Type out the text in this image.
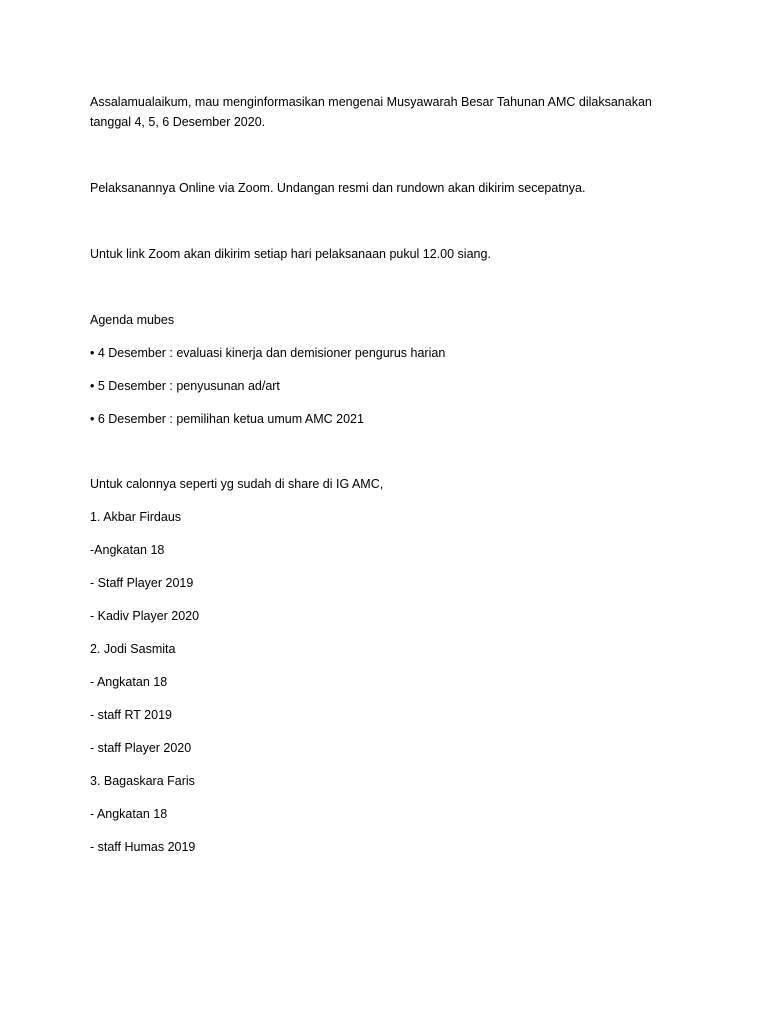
Assalamualaikum, mau menginformasikan mengenai Musyawarah Besar Tahunan AMC dilaksanakan tanggal 4, 5, 6 Desember 2020.

Pelaksanannya Online via Zoom. Undangan resmi dan rundown akan dikirim secepatnya.

Untuk link Zoom akan dikirim setiap hari pelaksanaan pukul 12.00 siang.

Agenda mubes

• 4 Desember : evaluasi kinerja dan demisioner pengurus harian

• 5 Desember : penyusunan ad/art

• 6 Desember : pemilihan ketua umum AMC 2021

Untuk calonnya seperti yg sudah di share di IG AMC,

1. Akbar Firdaus

-Angkatan 18

- Staff Player 2019

- Kadiv Player 2020

2. Jodi Sasmita

- Angkatan 18

- staff RT 2019

- staff Player 2020

3. Bagaskara Faris

- Angkatan 18

- staff Humas 2019
